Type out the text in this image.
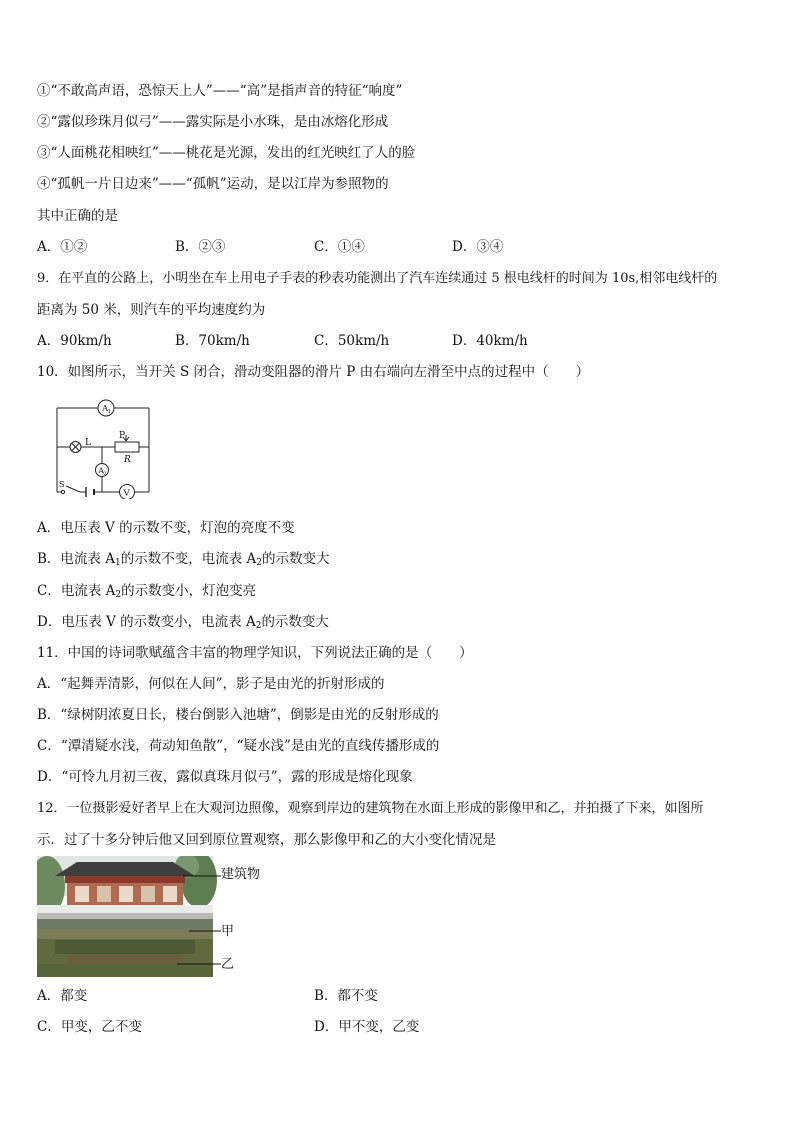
①“不敢高声语，恐惊天上人”——“高”是指声音的特征“响度”
②“露似珍珠月似弓”——露实际是小水珠，是由冰熔化形成
③“人面桃花相映红”——桃花是光源，发出的红光映红了人的脸
④“孤帆一片日边来”——“孤帆”运动，是以江岸为参照物的
其中正确的是
A．①②	B．②③	C．①④	D．③④
9．在平直的公路上，小明坐在车上用电子手表的秒表功能测出了汽车连续通过 5 根电线杆的时间为 10s,相邻电线杆的
距离为 50 米，则汽车的平均速度约为
A．90km/h	B．70km/h	C．50km/h	D．40km/h
10．如图所示，当开关 S 闭合，滑动变阻器的滑片 P 由右端向左滑至中点的过程中（　　）
A 1
A 2
V
L
P
R
S
A．电压表 V 的示数不变，灯泡的亮度不变
B．电流表 $A_1$的示数不变，电流表 $A_2$的示数变大
C．电流表 $A_2$的示数变小，灯泡变亮
D．电压表 V 的示数变小，电流表 $A_2$的示数变大
11．中国的诗词歌赋蕴含丰富的物理学知识，下列说法正确的是（　　）
A．“起舞弄清影，何似在人间”，影子是由光的折射形成的
B．“绿树阴浓夏日长，楼台倒影入池塘”，倒影是由光的反射形成的
C．“潭清疑水浅，荷动知鱼散”，“疑水浅”是由光的直线传播形成的
D．“可怜九月初三夜，露似真珠月似弓”，露的形成是熔化现象
12．一位摄影爱好者早上在大观河边照像，观察到岸边的建筑物在水面上形成的影像甲和乙，并拍摄了下来，如图所
示．过了十多分钟后他又回到原位置观察，那么影像甲和乙的大小变化情况是
建筑物
甲
乙
A．都变	B．都不变
C．甲变，乙不变	D．甲不变，乙变
